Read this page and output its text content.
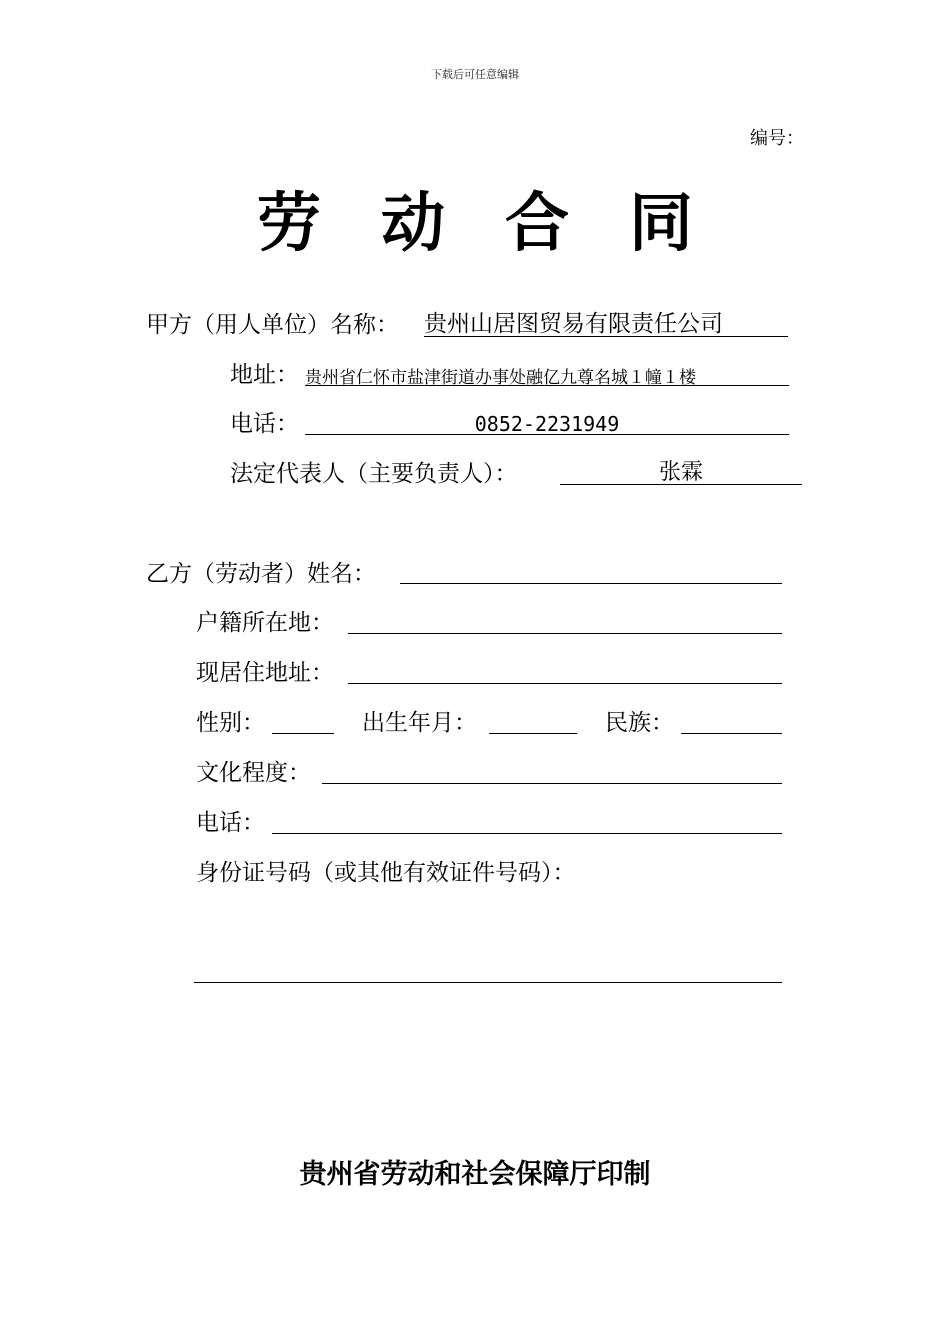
下载后可任意编辑
编号：
劳动合同
甲方（用人单位）名称： 贵州山居图贸易有限责任公司
地址： 贵州省仁怀市盐津街道办事处融亿九尊名城１幢１楼
电话：	0852-2231949
法定代表人（主要负责人）：	张霖
乙方（劳动者）姓名：
户籍所在地：
现居住地址：
性别：	出生年月：	民族：
文化程度：
电话：
身份证号码（或其他有效证件号码）：
贵州省劳动和社会保障厅印制
